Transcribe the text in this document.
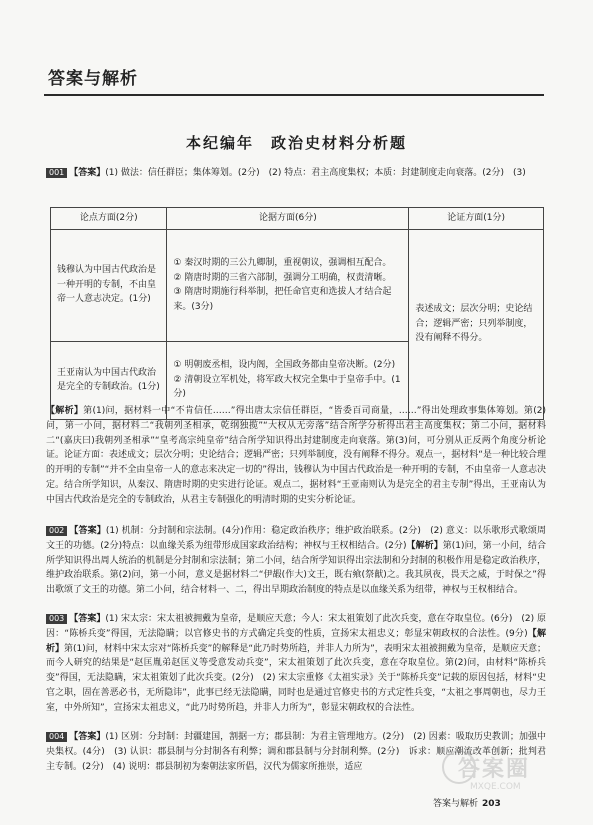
答案与解析
本纪编年　政治史材料分析题
001 【答案】(1) 做法：信任群臣；集体筹划。(2分)　(2) 特点：君主高度集权；本质：封建制度走向衰落。(2分)　(3)
论点方面(2分)	论据方面(6分)	论证方面(1分)
钱穆认为中国古代政治是一种开明的专制，不由皇帝一人意志决定。(1分)	① 秦汉时期的三公九卿制，重视朝议，强调相互配合。
② 隋唐时期的三省六部制，强调分工明确，权责清晰。
③ 隋唐时期施行科举制，把任命官吏和选拔人才结合起来。(3分)	表述成文；层次分明；史论结合；逻辑严密；只列举制度，没有阐释不得分。
王亚南认为中国古代政治是完全的专制政治。(1分)	① 明朝废丞相，设内阁，全国政务都由皇帝决断。(2分)
② 清朝设立军机处，将军政大权完全集中于皇帝手中。(1分)	
【解析】第(1)问，据材料一中“不肯信任……”得出唐太宗信任群臣，“皆委百司商量，……”得出处理政事集体筹划。第(2)问，第一小问，据材料二“我朝列圣相承，乾纲独揽”“大权从无旁落”结合所学分析得出君主高度集权；第二小问，据材料二“(嘉庆曰)我朝列圣相承”“皇考高宗纯皇帝”结合所学知识得出封建制度走向衰落。第(3)问，可分别从正反两个角度分析论证。论证方面：表述成文；层次分明；史论结合；逻辑严密；只列举制度，没有阐释不得分。观点一，据材料“是一种比较合理的开明的专制”“并不全由皇帝一人的意志来决定一切的”得出，钱穆认为中国古代政治是一种开明的专制，不由皇帝一人意志决定。结合所学知识，从秦汉、隋唐时期的史实进行论证。观点二，据材料“王亚南则认为是完全的君主专制”得出，王亚南认为中国古代政治是完全的专制政治，从君主专制强化的明清时期的史实分析论证。
002 【答案】(1) 机制：分封制和宗法制。(4分)作用：稳定政治秩序；维护政治联系。(2分)　(2) 意义：以乐歌形式歌颂周文王的功德。(2分)特点：以血缘关系为纽带形成国家政治结构；神权与王权相结合。(2分)【解析】第(1)问，第一小问，结合所学知识得出周人统治的机制是分封制和宗法制；第二小问，结合所学知识得出宗法制和分封制的积极作用是稳定政治秩序，维护政治联系。第(2)问，第一小问，意义是据材料二“伊嘏(作大)文王，既右飨(祭献)之。我其夙夜，畏天之威，于时保之”得出歌颂了文王的功德。第二小问，结合材料一、二，得出早期政治制度的特点是以血缘关系为纽带，神权与王权相结合。
003 【答案】(1) 宋太宗：宋太祖被拥戴为皇帝，是顺应天意；今人：宋太祖策划了此次兵变，意在夺取皇位。(6分)　(2) 原因：“陈桥兵变”得国，无法隐瞒；以官修史书的方式确定兵变的性质，宣扬宋太祖忠义；彰显宋朝政权的合法性。(9分)【解析】第(1)问，材料中宋太宗对“陈桥兵变”的解释是“此乃时势所趋，并非人力所为”，表明宋太祖被拥戴为皇帝，是顺应天意；而今人研究的结果是“赵匡胤弟赵匡义等受意发动兵变”，宋太祖策划了此次兵变，意在夺取皇位。第(2)问，由材料“陈桥兵变”得国，无法隐瞒，宋太祖策划了此次兵变。(2分)　(2) 宋太宗重修《太祖实录》关于“陈桥兵变”记载的原因包括，材料“史官之职，固在善恶必书，无所隐讳”，此事已经无法隐瞒，同时也是通过官修史书的方式定性兵变，“太祖之事周朝也，尽力王室，中外所知”，宣扬宋太祖忠义，“此乃时势所趋，并非人力所为”，彰显宋朝政权的合法性。
004 【答案】(1) 区别：分封制：封疆建国，割据一方；郡县制：为君主管理地方。(2分)　(2) 因素：吸取历史教训；加强中央集权。(4分)　(3) 认识：郡县制与分封制各有利弊；调和郡县制与分封制利弊。(2分)　诉求：顺应潮流改革创新；批判君主专制。(2分)　(4) 说明：郡县制初为秦朝法家所倡，汉代为儒家所推崇，适应	答案圈
MXQE.COM
答案与解析 203
